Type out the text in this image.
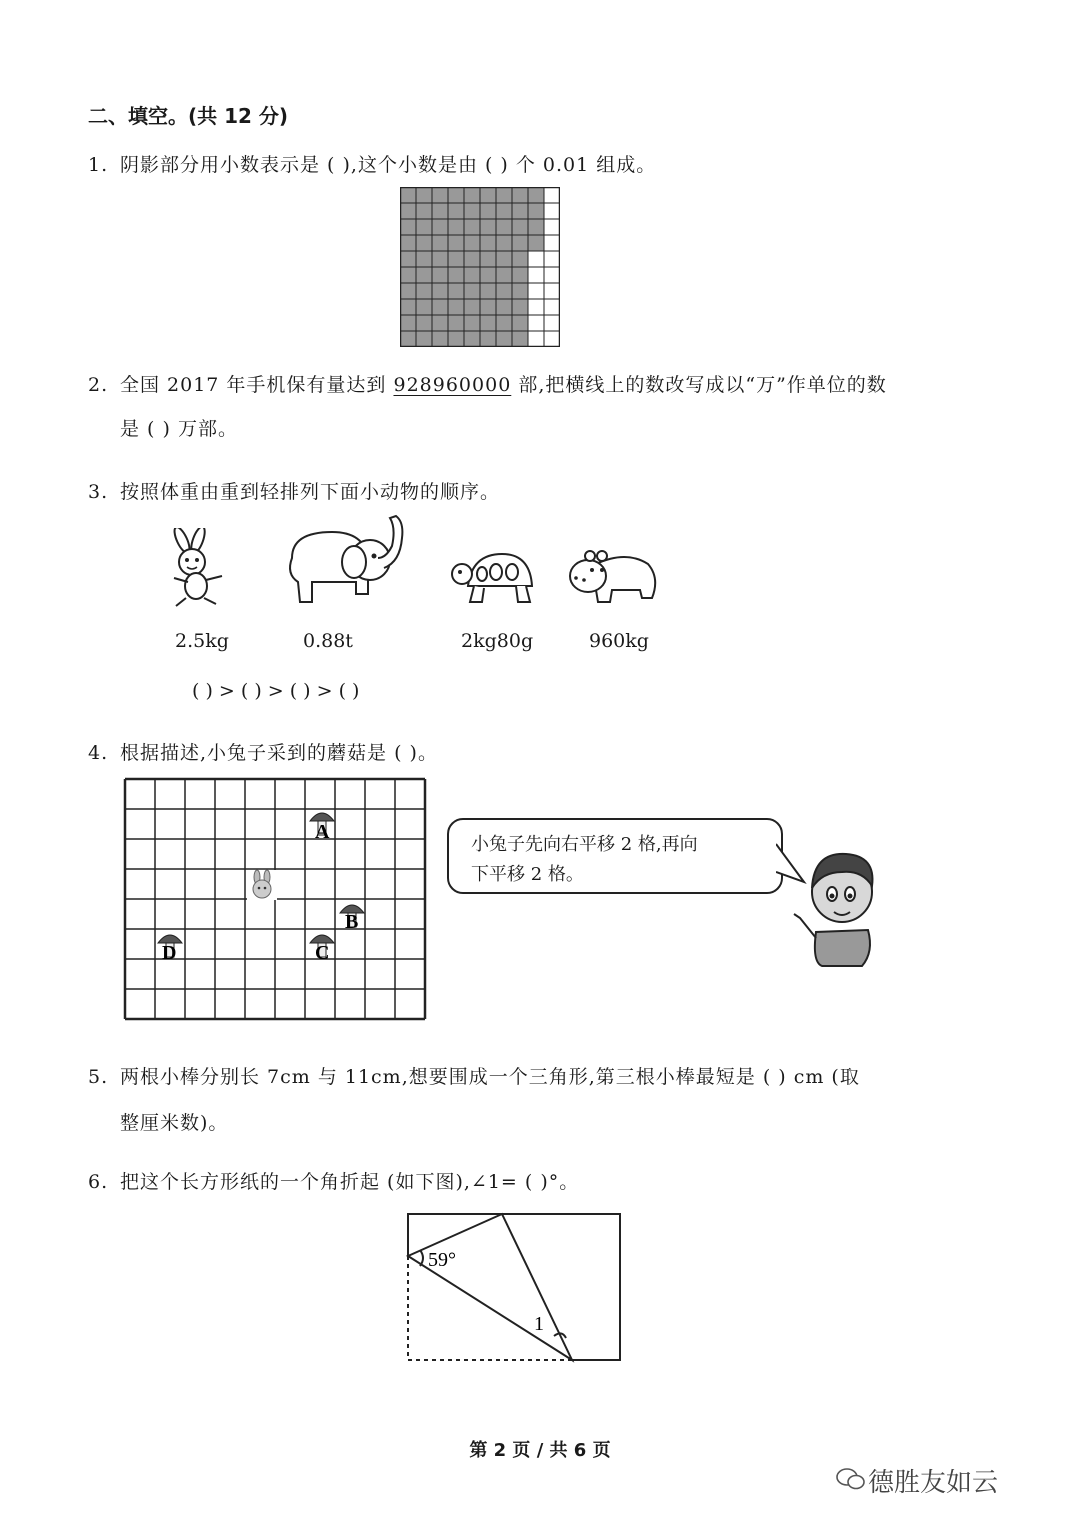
二、填空。(共 12 分)
1. 阴影部分用小数表示是 ( ),这个小数是由 ( ) 个 0.01 组成。
2. 全国 2017 年手机保有量达到 928960000 部,把横线上的数改写成以“万”作单位的数
是 ( ) 万部。
3. 按照体重由重到轻排列下面小动物的顺序。
2.5kg	0.88t	2kg80g	960kg
( ) > ( ) > ( ) > ( )
4. 根据描述,小兔子采到的蘑菇是 ( )。
A
B
C
D
小兔子先向右平移 2 格,再向
下平移 2 格。
5. 两根小棒分别长 7cm 与 11cm,想要围成一个三角形,第三根小棒最短是 ( ) cm (取
整厘米数)。
6. 把这个长方形纸的一个角折起 (如下图),∠1= ( )°。
59°
1
第 2 页 / 共 6 页
德胜友如云
